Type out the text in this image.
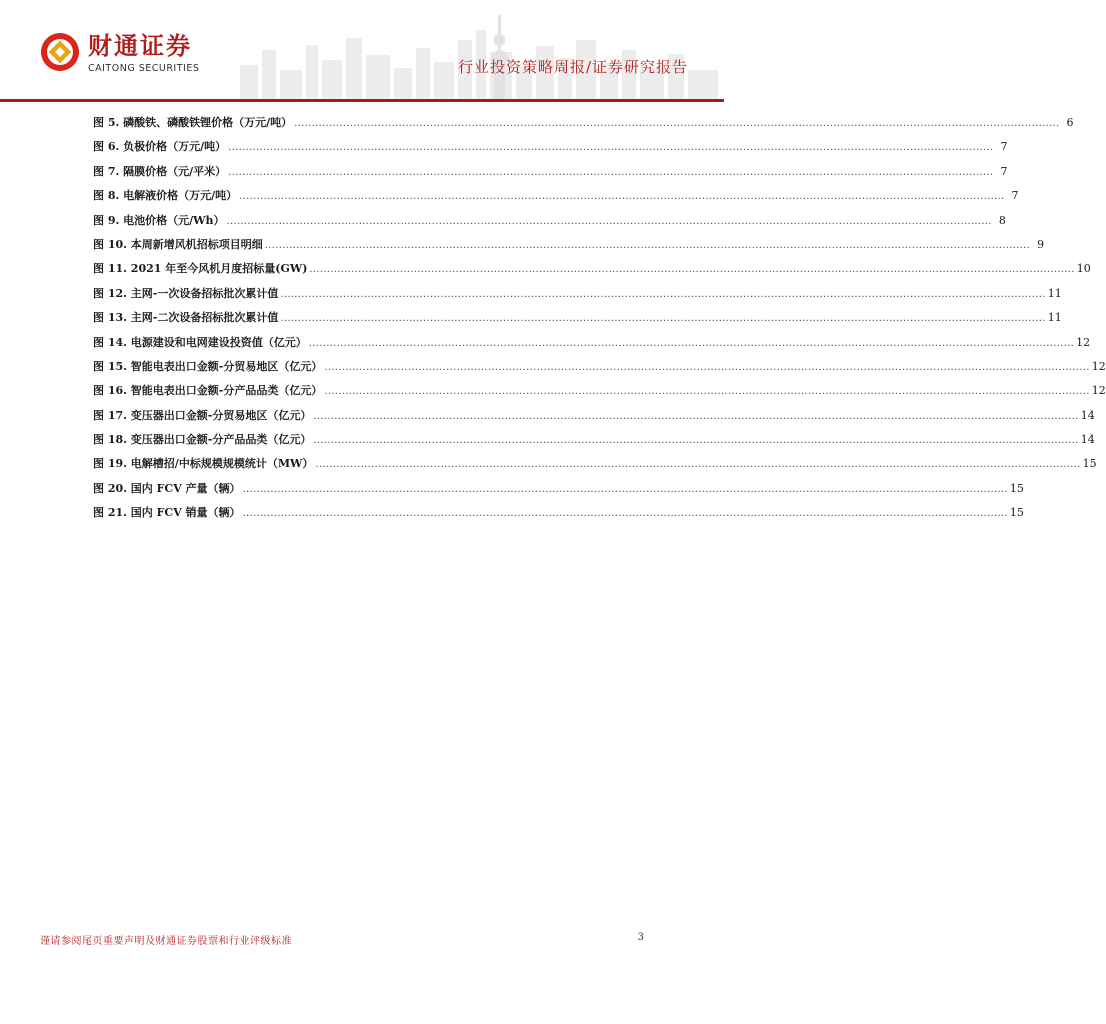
财通证券
CAITONG SECURITIES	行业投资策略周报/证券研究报告
图 5. 磷酸铁、磷酸铁锂价格（万元/吨） ............................................................................................................................................................................................................................ 6
图 6. 负极价格（万元/吨） ............................................................................................................................................................................................................................ 7
图 7. 隔膜价格（元/平米） ............................................................................................................................................................................................................................ 7
图 8. 电解液价格（万元/吨） ............................................................................................................................................................................................................................ 7
图 9. 电池价格（元/Wh） ............................................................................................................................................................................................................................ 8
图 10. 本周新增风机招标项目明细 ............................................................................................................................................................................................................................ 9
图 11. 2021 年至今风机月度招标量(GW) ............................................................................................................................................................................................................................ 10
图 12. 主网-一次设备招标批次累计值 ............................................................................................................................................................................................................................ 11
图 13. 主网-二次设备招标批次累计值 ............................................................................................................................................................................................................................ 11
图 14. 电源建设和电网建设投资值（亿元） ............................................................................................................................................................................................................................ 12
图 15. 智能电表出口金额-分贸易地区（亿元） ............................................................................................................................................................................................................................ 12
图 16. 智能电表出口金额-分产品品类（亿元） ............................................................................................................................................................................................................................ 12
图 17. 变压器出口金额-分贸易地区（亿元） ............................................................................................................................................................................................................................ 14
图 18. 变压器出口金额-分产品品类（亿元） ............................................................................................................................................................................................................................ 14
图 19. 电解槽招/中标规模规模统计（MW） ............................................................................................................................................................................................................................ 15
图 20. 国内 FCV 产量（辆） ............................................................................................................................................................................................................................ 15
图 21. 国内 FCV 销量（辆） ............................................................................................................................................................................................................................ 15
谨请参阅尾页重要声明及财通证券股票和行业评级标准	3
